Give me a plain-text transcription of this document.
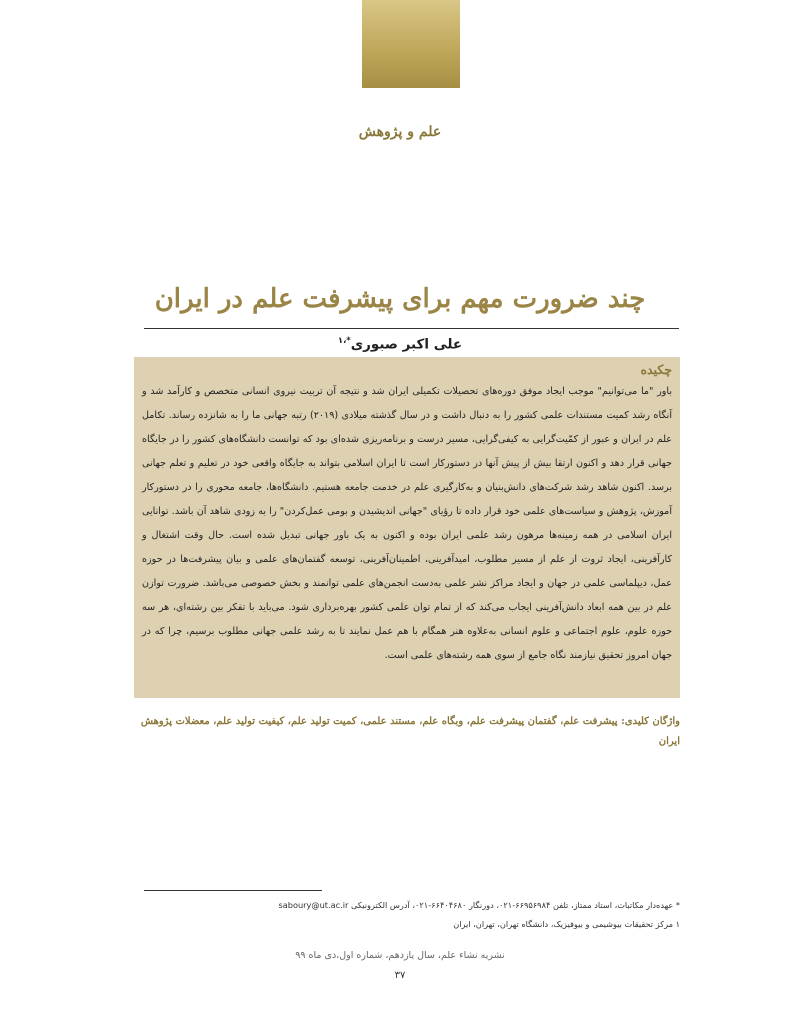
علم و پژوهش
چند ضرورت مهم برای پیشرفت علم در ایران
علی اکبر صبوری$^{*،۱}$
چکیده
باور "ما می‌توانیم" موجب ایجاد موفق دوره‌های تحصیلات تکمیلی ایران شد و نتیجه آن تربیت نیروی انسانی متخصص و کارآمد شد و آنگاه رشد کمیت مستندات علمی کشور را به دنبال داشت و در سال گذشته میلادی (۲۰۱۹) رتبه جهانی ما را به شانزده رساند. تکامل علم در ایران و عبور از کمّیت‌گرایی به کیفی‌گرایی، مسیر درست و برنامه‌ریزی شده‌ای بود که توانست دانشگاه‌های کشور را در جایگاه جهانی قرار دهد و اکنون ارتقا بیش از پیش آنها در دستورکار است تا ایران اسلامی بتواند به جایگاه واقعی خود در تعلیم و تعلم جهانی برسد. اکنون شاهد رشد شرکت‌های دانش‌بنیان و به‌کارگیری علم در خدمت جامعه هستیم. دانشگاه‌ها، جامعه محوری را در دستورکار آموزش، پژوهش و سیاست‌های علمی خود قرار داده تا رؤیای "جهانی اندیشیدن و بومی عمل‌کردن" را به زودی شاهد آن باشد. توانایی ایران اسلامی در همه زمینه‌ها مرهون رشد علمی ایران بوده و اکنون به یک باور جهانی تبدیل شده است. حال وقت اشتغال و کارآفرینی، ایجاد ثروت از علم از مسیر مطلوب، امیدآفرینی، اطمینان‌آفرینی، توسعه گفتمان‌های علمی و بیان پیشرفت‌ها در حوزه عمل، دیپلماسی علمی در جهان و ایجاد مراکز نشر علمی به‌دست انجمن‌های علمی توانمند و بخش خصوصی می‌باشد. ضرورت توازن علم در بین همه ابعاد دانش‌آفرینی ایجاب می‌کند که از تمام توان علمی کشور بهره‌برداری شود. می‌باید با تفکر بین رشته‌ای، هر سه حوزه علوم، علوم اجتماعی و علوم انسانی به‌علاوه هنر همگام با هم عمل نمایند تا به رشد علمی جهانی مطلوب برسیم، چرا که در جهان امروز تحقیق نیازمند نگاه جامع از سوی همه رشته‌های علمی است.
واژگان کلیدی: پیشرفت علم، گفتمان پیشرفت علم، وبگاه علم، مستند علمی، کمیت تولید علم، کیفیت تولید علم، معضلات پژوهش ایران
* عهده‌دار مکاتبات، استاد ممتاز، تلفن ۶۶۹۵۶۹۸۴-۰۲۱، دورنگار ۶۶۴۰۴۶۸۰-۰۲۱، آدرس الکترونیکی saboury@ut.ac.ir
۱ مرکز تحقیقات بیوشیمی و بیوفیزیک، دانشگاه تهران، تهران، ایران
نشریه نشاء علم، سال یازدهم، شماره اول،دی ماه ۹۹
۳۷
